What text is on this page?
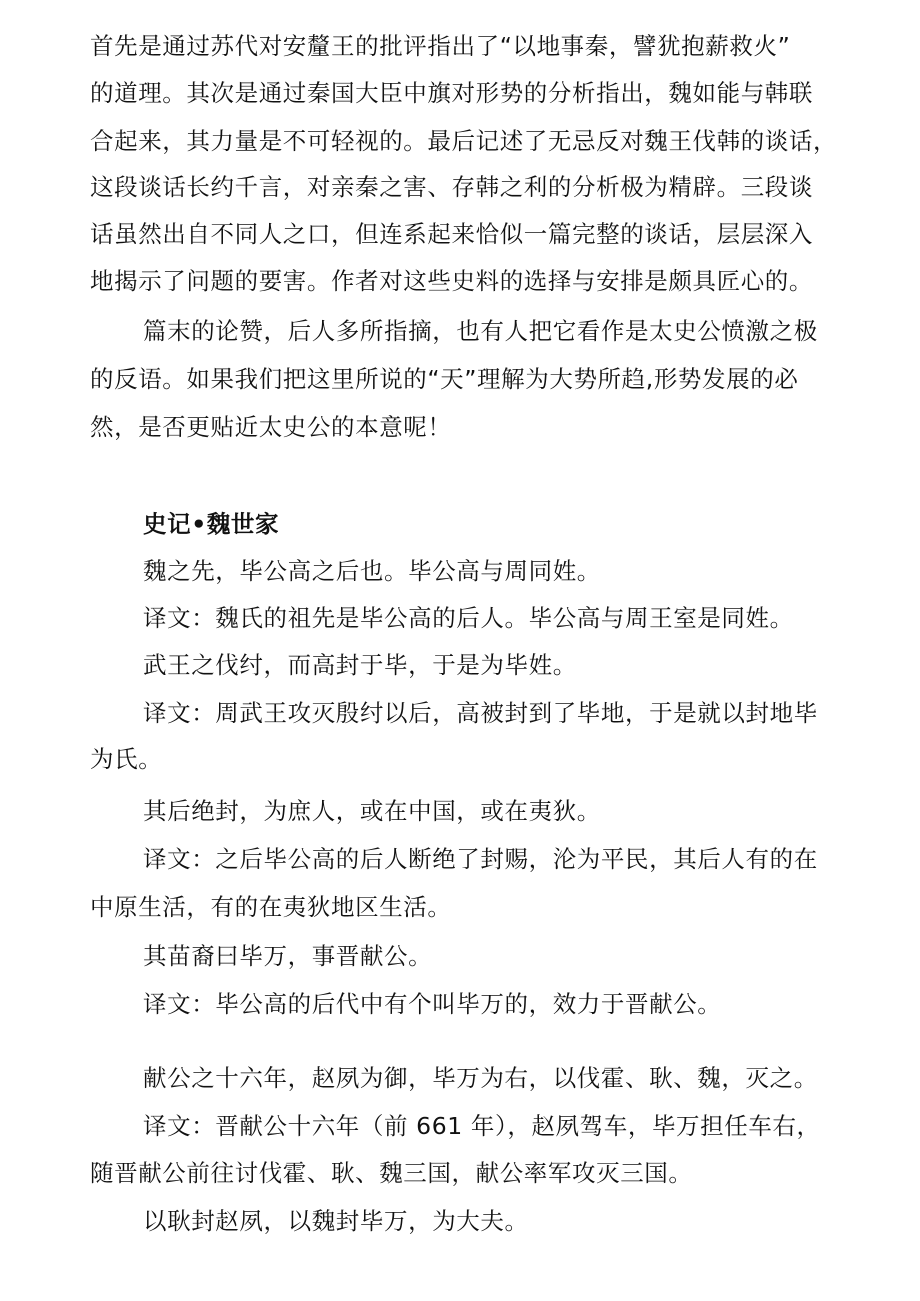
首先是通过苏代对安釐王的批评指出了“以地事秦，譬犹抱薪救火”
的道理。其次是通过秦国大臣中旗对形势的分析指出，魏如能与韩联
合起来，其力量是不可轻视的。最后记述了无忌反对魏王伐韩的谈话，
这段谈话长约千言，对亲秦之害、存韩之利的分析极为精辟。三段谈
话虽然出自不同人之口，但连系起来恰似一篇完整的谈话，层层深入
地揭示了问题的要害。作者对这些史料的选择与安排是颇具匠心的。
篇末的论赞，后人多所指摘，也有人把它看作是太史公愤激之极
的反语。如果我们把这里所说的“天”理解为大势所趋,形势发展的必
然，是否更贴近太史公的本意呢！
史记•魏世家
魏之先，毕公高之后也。毕公高与周同姓。
译文：魏氏的祖先是毕公高的后人。毕公高与周王室是同姓。
武王之伐纣，而高封于毕，于是为毕姓。
译文：周武王攻灭殷纣以后，高被封到了毕地，于是就以封地毕
为氏。
其后绝封，为庶人，或在中国，或在夷狄。
译文：之后毕公高的后人断绝了封赐，沦为平民，其后人有的在
中原生活，有的在夷狄地区生活。
其苗裔曰毕万，事晋献公。
译文：毕公高的后代中有个叫毕万的，效力于晋献公。
献公之十六年，赵夙为御，毕万为右，以伐霍、耿、魏，灭之。
译文：晋献公十六年（前 661 年），赵夙驾车，毕万担任车右，
随晋献公前往讨伐霍、耿、魏三国，献公率军攻灭三国。
以耿封赵夙，以魏封毕万，为大夫。
